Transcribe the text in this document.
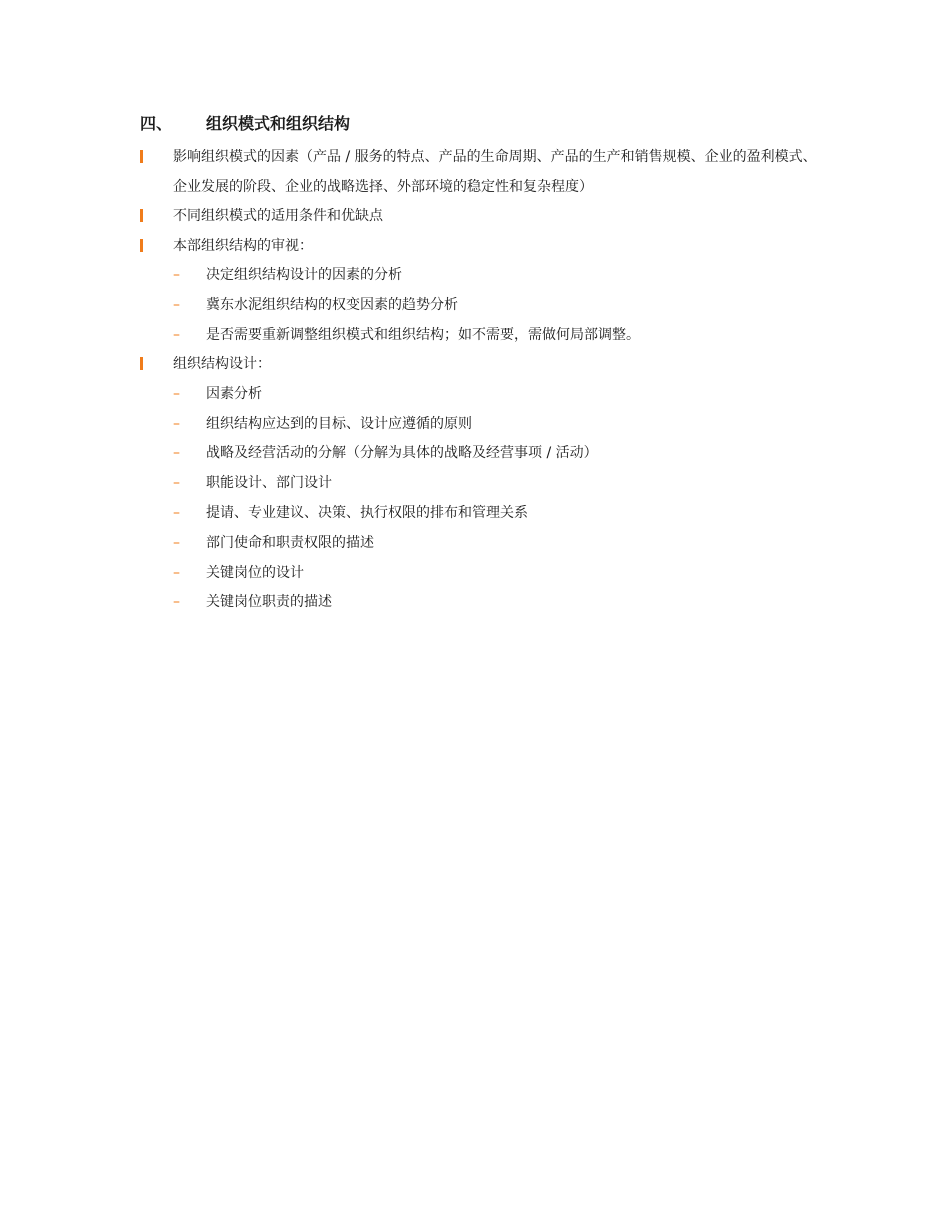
四、 组织模式和组织结构
影响组织模式的因素（产品 / 服务的特点、产品的生命周期、产品的生产和销售规模、企业的盈利模式、企业发展的阶段、企业的战略选择、外部环境的稳定性和复杂程度）
不同组织模式的适用条件和优缺点
本部组织结构的审视：
– 决定组织结构设计的因素的分析
– 冀东水泥组织结构的权变因素的趋势分析
– 是否需要重新调整组织模式和组织结构；如不需要，需做何局部调整。
组织结构设计：
– 因素分析
– 组织结构应达到的目标、设计应遵循的原则
– 战略及经营活动的分解（分解为具体的战略及经营事项 / 活动）
– 职能设计、部门设计
– 提请、专业建议、决策、执行权限的排布和管理关系
– 部门使命和职责权限的描述
– 关键岗位的设计
– 关键岗位职责的描述
